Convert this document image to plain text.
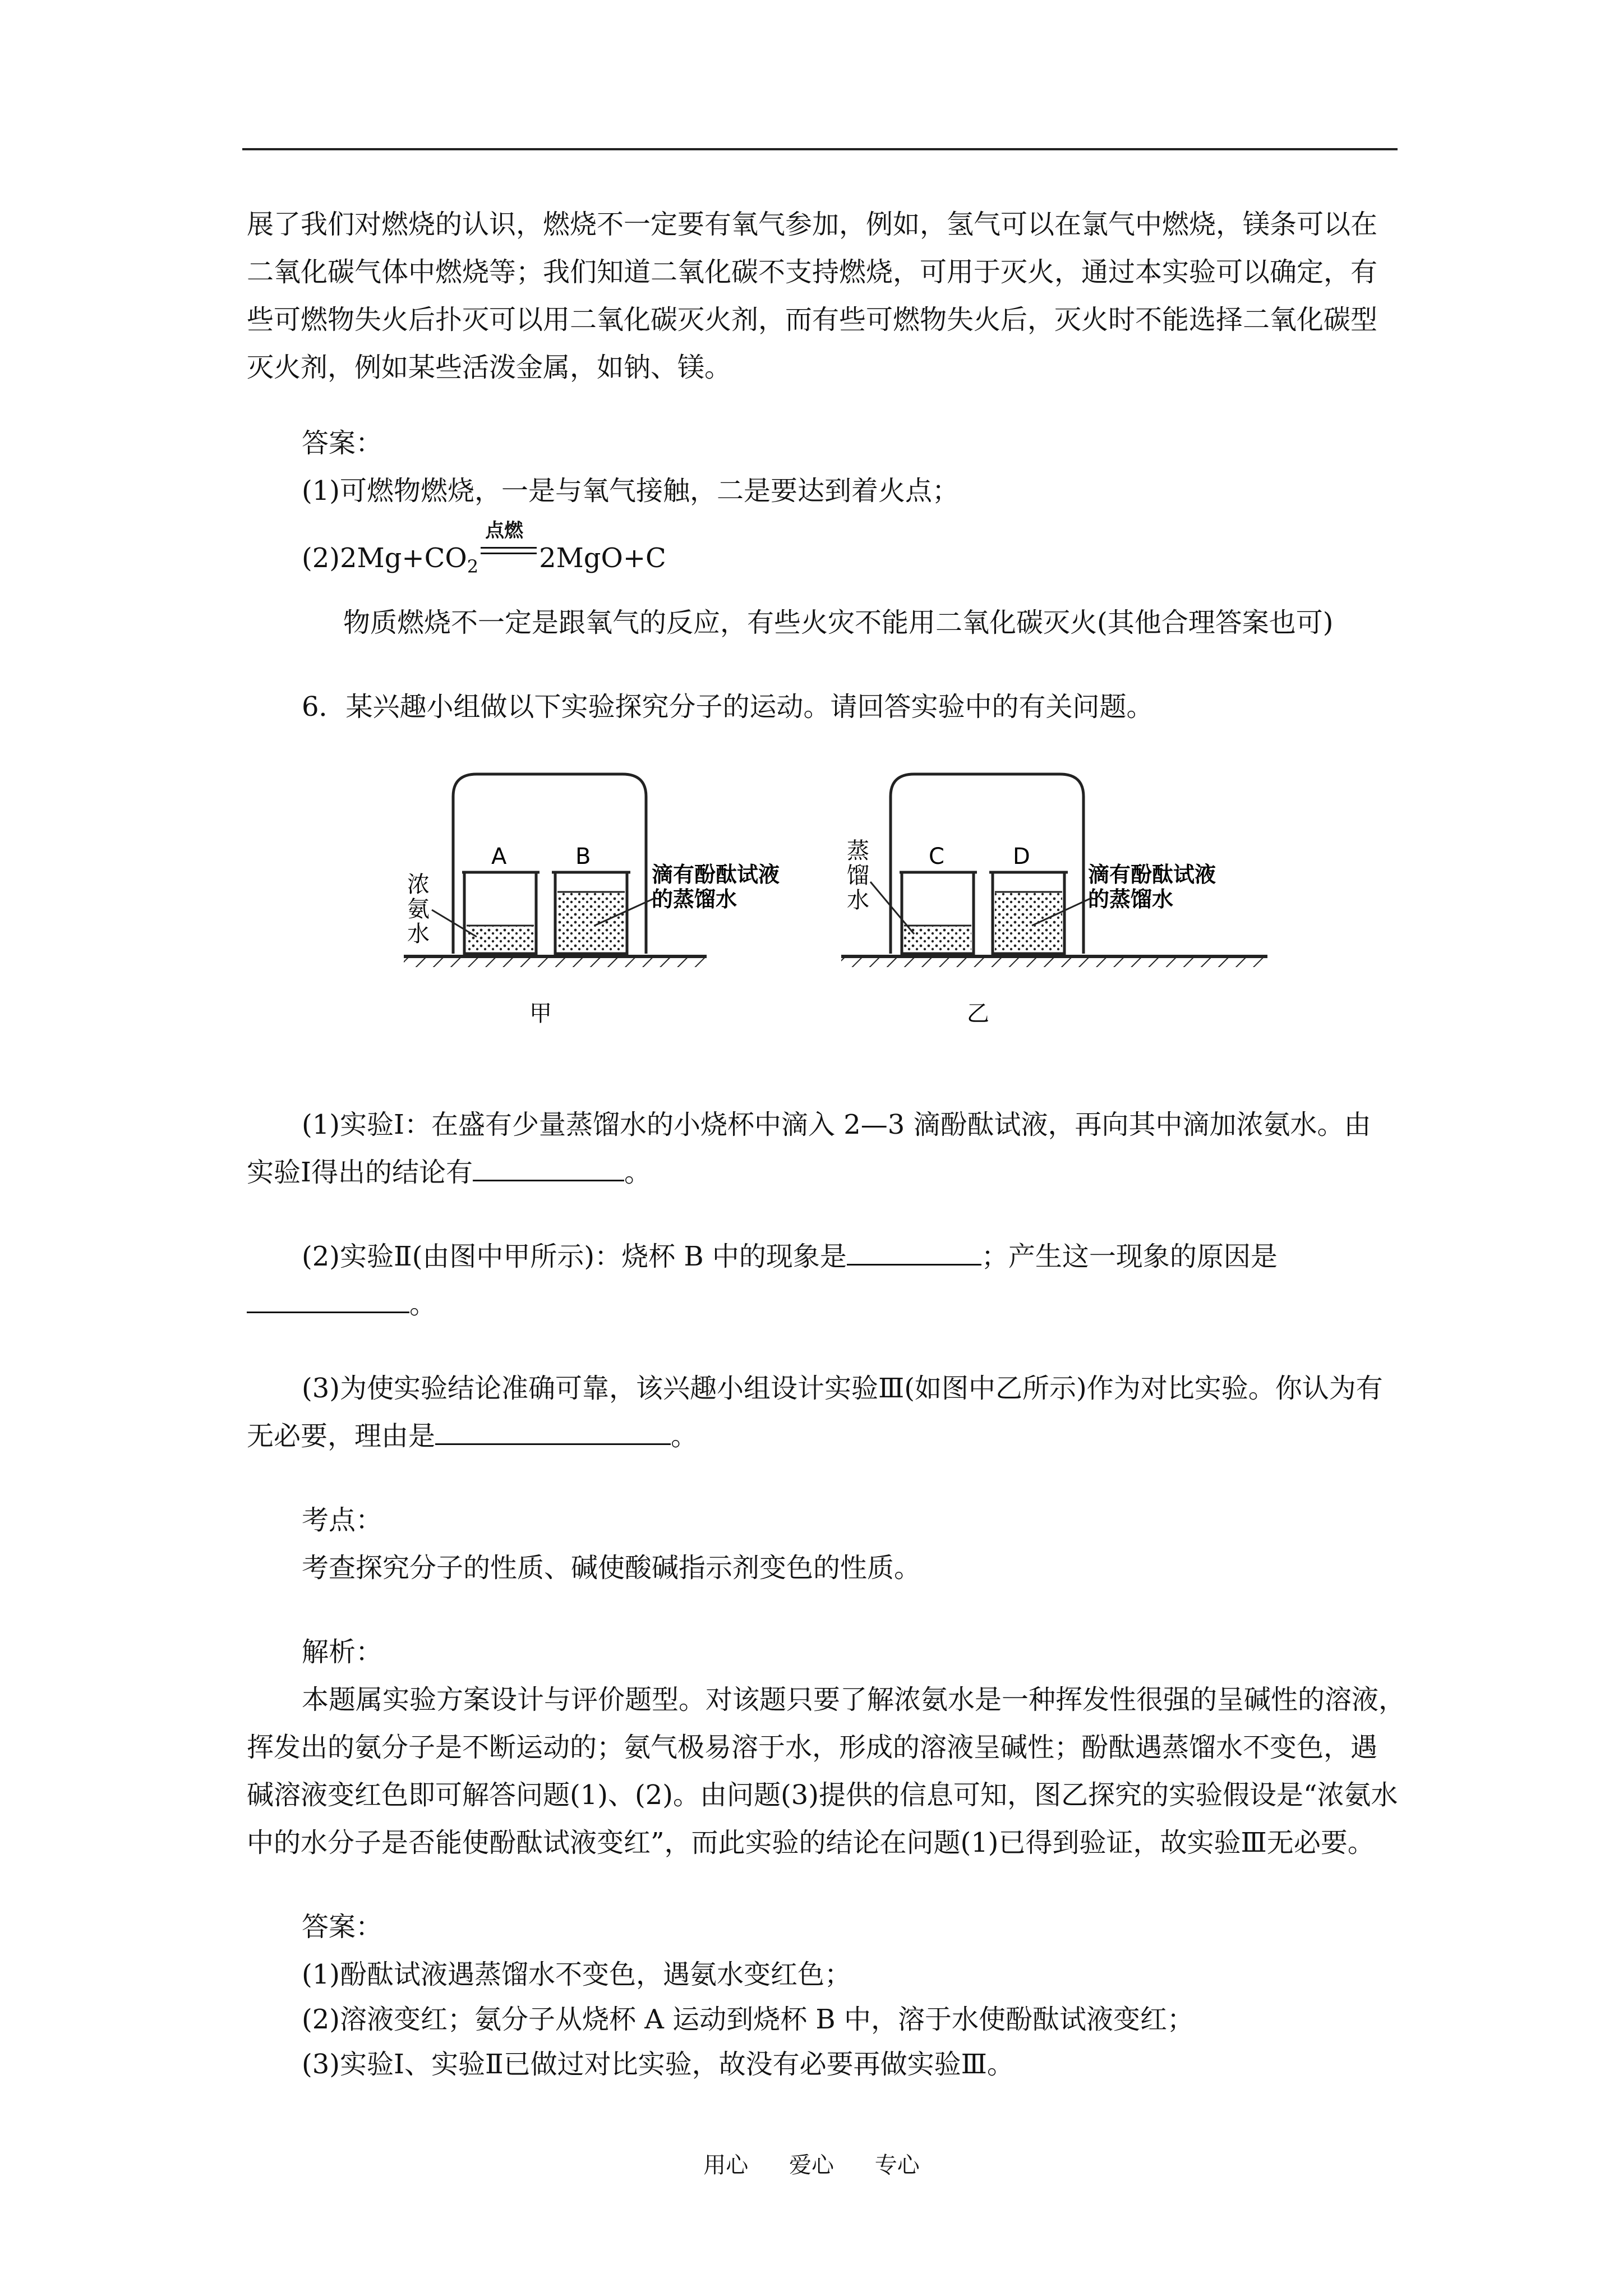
展了我们对燃烧的认识，燃烧不一定要有氧气参加，例如，氢气可以在氯气中燃烧，镁条可以在

二氧化碳气体中燃烧等；我们知道二氧化碳不支持燃烧，可用于灭火，通过本实验可以确定，有

些可燃物失火后扑灭可以用二氧化碳灭火剂，而有些可燃物失火后，灭火时不能选择二氧化碳型

灭火剂，例如某些活泼金属，如钠、镁。

答案：

(1)可燃物燃烧，一是与氧气接触，二是要达到着火点；

$(2)2Mg+CO_2$
点燃
2MgO+C

物质燃烧不一定是跟氧气的反应，有些火灾不能用二氧化碳灭火(其他合理答案也可)

6．某兴趣小组做以下实验探究分子的运动。请回答实验中的有关问题。

A	B
浓
氨
水
滴有酚酞试液
的蒸馏水
甲
C	D
蒸
馏
水
滴有酚酞试液
的蒸馏水
乙

(1)实验Ⅰ：在盛有少量蒸馏水的小烧杯中滴入 2—3 滴酚酞试液，再向其中滴加浓氨水。由

实验Ⅰ得出的结论有	。

(2)实验Ⅱ(由图中甲所示)：烧杯 B 中的现象是	；产生这一现象的原因是

。

(3)为使实验结论准确可靠，该兴趣小组设计实验Ⅲ(如图中乙所示)作为对比实验。你认为有

无必要，理由是	。

考点：

考查探究分子的性质、碱使酸碱指示剂变色的性质。

解析：

本题属实验方案设计与评价题型。对该题只要了解浓氨水是一种挥发性很强的呈碱性的溶液，

挥发出的氨分子是不断运动的；氨气极易溶于水，形成的溶液呈碱性；酚酞遇蒸馏水不变色，遇

碱溶液变红色即可解答问题(1)、(2)。由问题(3)提供的信息可知，图乙探究的实验假设是“浓氨水

中的水分子是否能使酚酞试液变红”，而此实验的结论在问题(1)已得到验证，故实验Ⅲ无必要。

答案：

(1)酚酞试液遇蒸馏水不变色，遇氨水变红色；

(2)溶液变红；氨分子从烧杯 A 运动到烧杯 B 中，溶于水使酚酞试液变红；

(3)实验Ⅰ、实验Ⅱ已做过对比实验，故没有必要再做实验Ⅲ。

用心 爱心 专心
